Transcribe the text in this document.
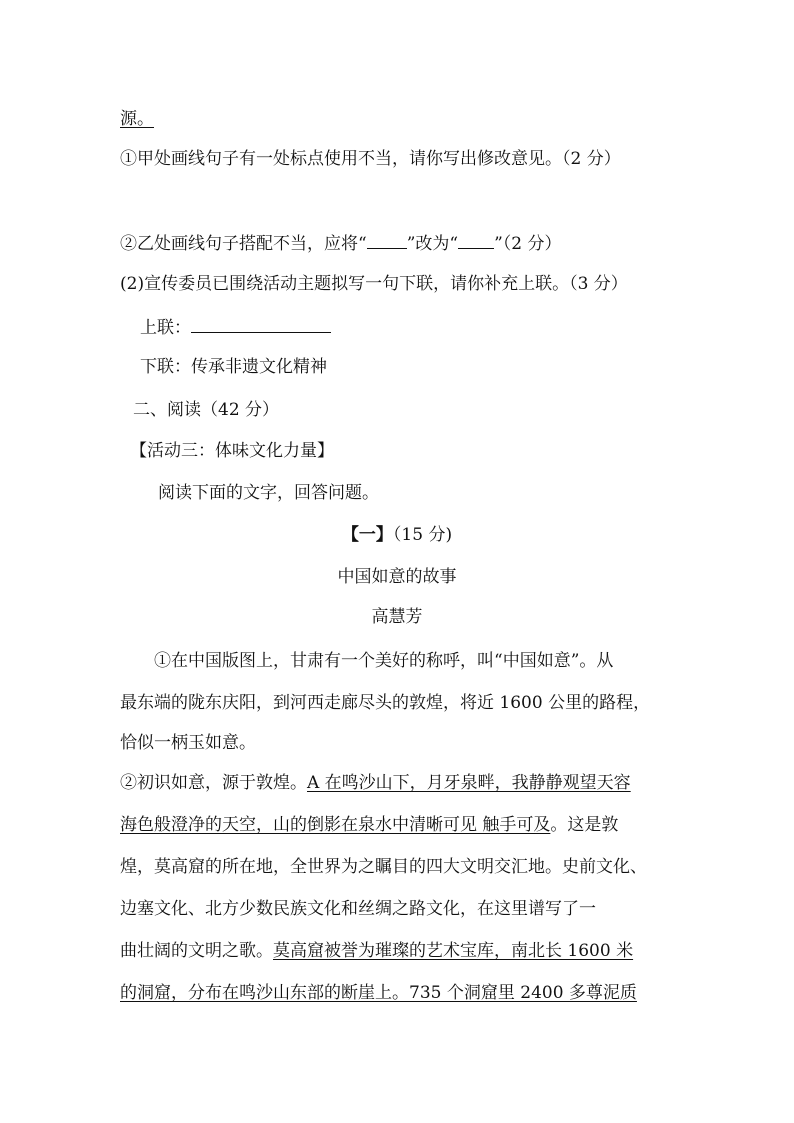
源。
①甲处画线句子有一处标点使用不当，请你写出修改意见。（2 分）
②乙处画线句子搭配不当，应将“ ”改为“ ”（2 分）
(2)宣传委员已围绕活动主题拟写一句下联，请你补充上联。（3 分）
上联：
下联：传承非遗文化精神
二、阅读（42 分）
【活动三：体味文化力量】
阅读下面的文字，回答问题。
【一】（15 分)
中国如意的故事
高慧芳
①在中国版图上，甘肃有一个美好的称呼，叫“中国如意”。从
最东端的陇东庆阳，到河西走廊尽头的敦煌，将近 1600 公里的路程，
恰似一柄玉如意。
②初识如意，源于敦煌。A 在鸣沙山下，月牙泉畔，我静静观望天容
海色般澄净的天空，山的倒影在泉水中清晰可见 触手可及。这是敦
煌，莫高窟的所在地，全世界为之瞩目的四大文明交汇地。史前文化、
边塞文化、北方少数民族文化和丝绸之路文化，在这里谱写了一
曲壮阔的文明之歌。莫高窟被誉为璀璨的艺术宝库，南北长 1600 米
的洞窟，分布在鸣沙山东部的断崖上。735 个洞窟里 2400 多尊泥质
